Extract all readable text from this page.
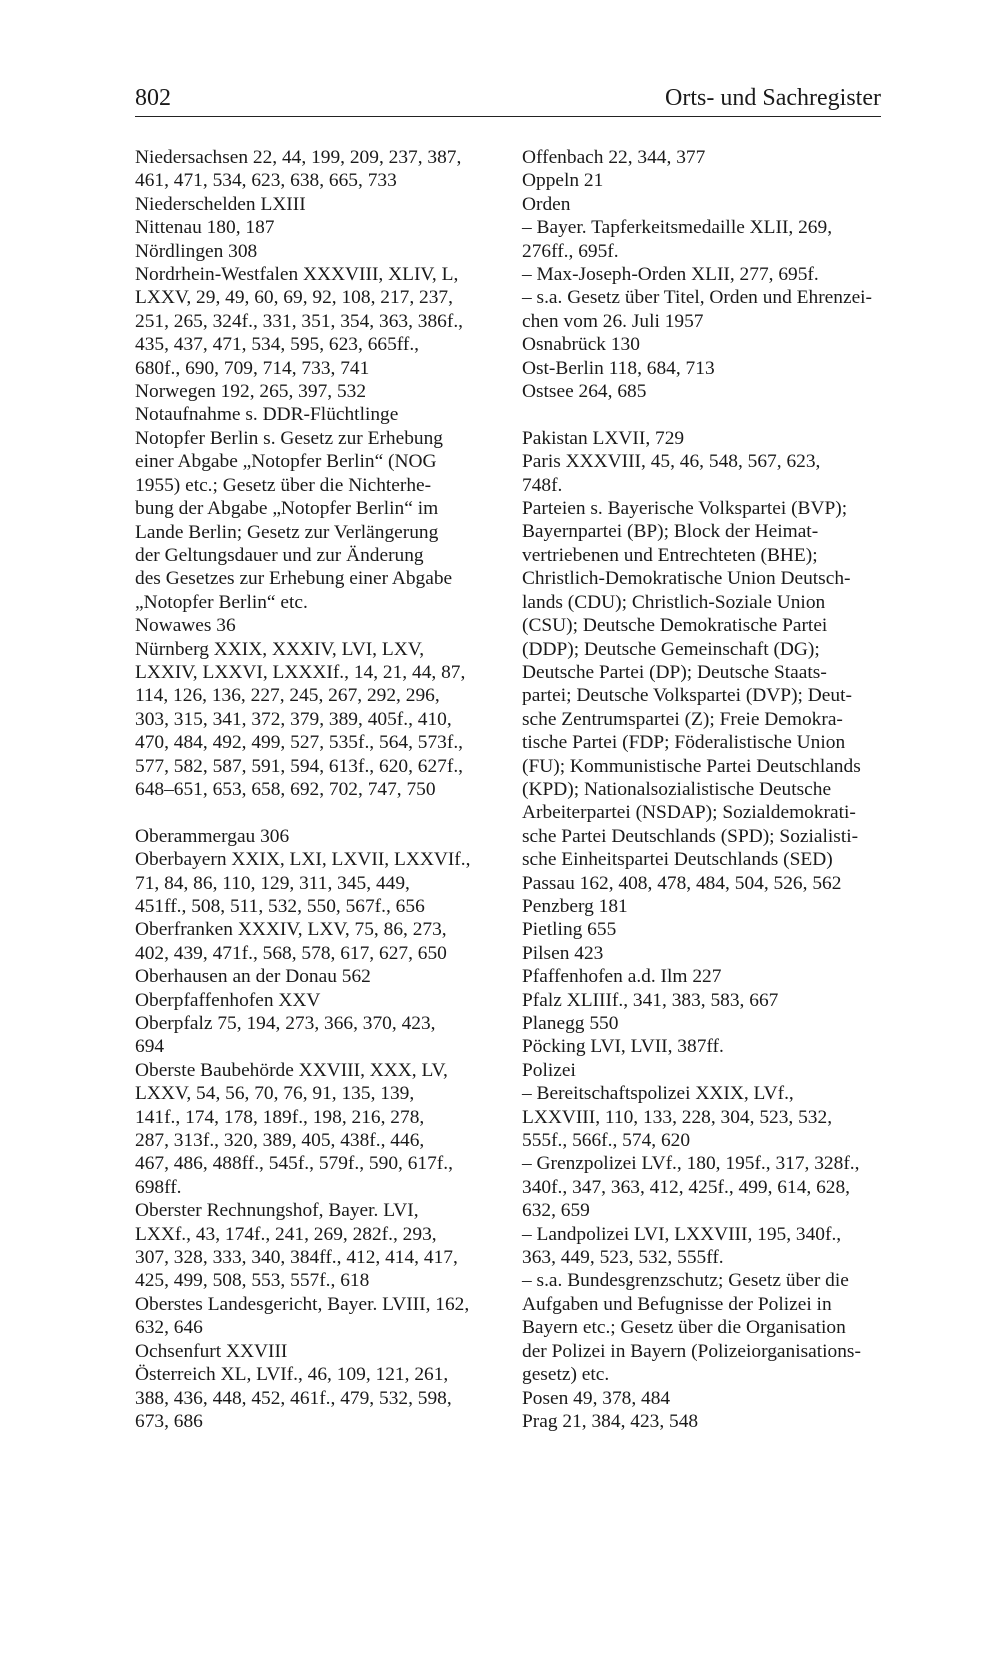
802	Orts- und Sachregister
Niedersachsen 22, 44, 199, 209, 237, 387,
461, 471, 534, 623, 638, 665, 733
Niederschelden LXIII
Nittenau 180, 187
Nördlingen 308
Nordrhein-Westfalen XXXVIII, XLIV, L,
LXXV, 29, 49, 60, 69, 92, 108, 217, 237,
251, 265, 324f., 331, 351, 354, 363, 386f.,
435, 437, 471, 534, 595, 623, 665ff.,
680f., 690, 709, 714, 733, 741
Norwegen 192, 265, 397, 532
Notaufnahme s. DDR-Flüchtlinge
Notopfer Berlin s. Gesetz zur Erhebung
einer Abgabe „Notopfer Berlin“ (NOG
1955) etc.; Gesetz über die Nichterhe-
bung der Abgabe „Notopfer Berlin“ im
Lande Berlin; Gesetz zur Verlängerung
der Geltungsdauer und zur Änderung
des Gesetzes zur Erhebung einer Abgabe
„Notopfer Berlin“ etc.
Nowawes 36
Nürnberg XXIX, XXXIV, LVI, LXV,
LXXIV, LXXVI, LXXXIf., 14, 21, 44, 87,
114, 126, 136, 227, 245, 267, 292, 296,
303, 315, 341, 372, 379, 389, 405f., 410,
470, 484, 492, 499, 527, 535f., 564, 573f.,
577, 582, 587, 591, 594, 613f., 620, 627f.,
648–651, 653, 658, 692, 702, 747, 750
Oberammergau 306
Oberbayern XXIX, LXI, LXVII, LXXVIf.,
71, 84, 86, 110, 129, 311, 345, 449,
451ff., 508, 511, 532, 550, 567f., 656
Oberfranken XXXIV, LXV, 75, 86, 273,
402, 439, 471f., 568, 578, 617, 627, 650
Oberhausen an der Donau 562
Oberpfaffenhofen XXV
Oberpfalz 75, 194, 273, 366, 370, 423,
694
Oberste Baubehörde XXVIII, XXX, LV,
LXXV, 54, 56, 70, 76, 91, 135, 139,
141f., 174, 178, 189f., 198, 216, 278,
287, 313f., 320, 389, 405, 438f., 446,
467, 486, 488ff., 545f., 579f., 590, 617f.,
698ff.
Oberster Rechnungshof, Bayer. LVI,
LXXf., 43, 174f., 241, 269, 282f., 293,
307, 328, 333, 340, 384ff., 412, 414, 417,
425, 499, 508, 553, 557f., 618
Oberstes Landesgericht, Bayer. LVIII, 162,
632, 646
Ochsenfurt XXVIII
Österreich XL, LVIf., 46, 109, 121, 261,
388, 436, 448, 452, 461f., 479, 532, 598,
673, 686
Offenbach 22, 344, 377
Oppeln 21
Orden
– Bayer. Tapferkeitsmedaille XLII, 269,
276ff., 695f.
– Max-Joseph-Orden XLII, 277, 695f.
– s.a. Gesetz über Titel, Orden und Ehrenzei-
chen vom 26. Juli 1957
Osnabrück 130
Ost-Berlin 118, 684, 713
Ostsee 264, 685
Pakistan LXVII, 729
Paris XXXVIII, 45, 46, 548, 567, 623,
748f.
Parteien s. Bayerische Volkspartei (BVP);
Bayernpartei (BP); Block der Heimat-
vertriebenen und Entrechteten (BHE);
Christlich-Demokratische Union Deutsch-
lands (CDU); Christlich-Soziale Union
(CSU); Deutsche Demokratische Partei
(DDP); Deutsche Gemeinschaft (DG);
Deutsche Partei (DP); Deutsche Staats-
partei; Deutsche Volkspartei (DVP); Deut-
sche Zentrumspartei (Z); Freie Demokra-
tische Partei (FDP; Föderalistische Union
(FU); Kommunistische Partei Deutschlands
(KPD); Nationalsozialistische Deutsche
Arbeiterpartei (NSDAP); Sozialdemokrati-
sche Partei Deutschlands (SPD); Sozialisti-
sche Einheitspartei Deutschlands (SED)
Passau 162, 408, 478, 484, 504, 526, 562
Penzberg 181
Pietling 655
Pilsen 423
Pfaffenhofen a.d. Ilm 227
Pfalz XLIIIf., 341, 383, 583, 667
Planegg 550
Pöcking LVI, LVII, 387ff.
Polizei
– Bereitschaftspolizei XXIX, LVf.,
LXXVIII, 110, 133, 228, 304, 523, 532,
555f., 566f., 574, 620
– Grenzpolizei LVf., 180, 195f., 317, 328f.,
340f., 347, 363, 412, 425f., 499, 614, 628,
632, 659
– Landpolizei LVI, LXXVIII, 195, 340f.,
363, 449, 523, 532, 555ff.
– s.a. Bundesgrenzschutz; Gesetz über die
Aufgaben und Befugnisse der Polizei in
Bayern etc.; Gesetz über die Organisation
der Polizei in Bayern (Polizeiorganisations-
gesetz) etc.
Posen 49, 378, 484
Prag 21, 384, 423, 548
